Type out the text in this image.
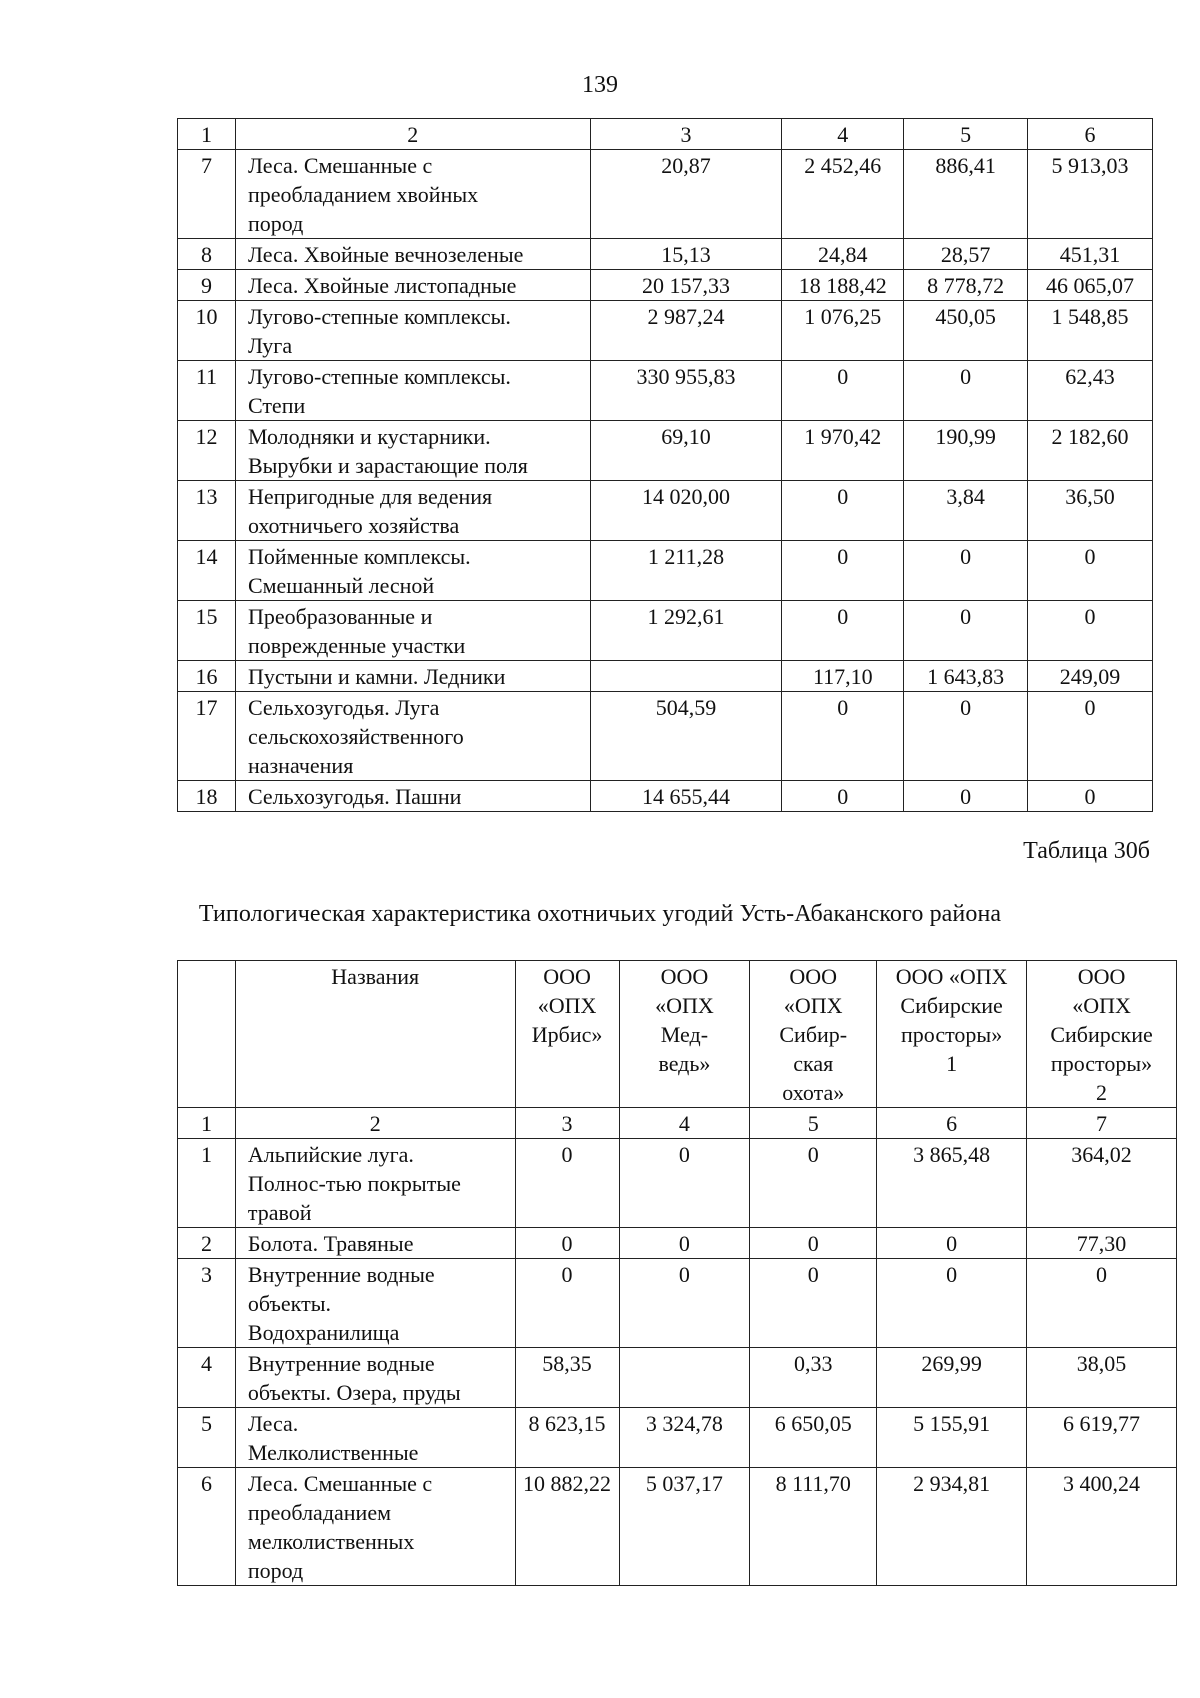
139
1	2	3	4	5	6
7	Леса. Смешанные с
преобладанием хвойных
пород	20,87	2 452,46	886,41	5 913,03
8	Леса. Хвойные вечнозеленые	15,13	24,84	28,57	451,31
9	Леса. Хвойные листопадные	20 157,33	18 188,42	8 778,72	46 065,07
10	Лугово-степные комплексы.
Луга	2 987,24	1 076,25	450,05	1 548,85
11	Лугово-степные комплексы.
Степи	330 955,83	0	0	62,43
12	Молодняки и кустарники.
Вырубки и зарастающие поля	69,10	1 970,42	190,99	2 182,60
13	Непригодные для ведения
охотничьего хозяйства	14 020,00	0	3,84	36,50
14	Пойменные комплексы.
Смешанный лесной	1 211,28	0	0	0
15	Преобразованные и
поврежденные участки	1 292,61	0	0	0
16	Пустыни и камни. Ледники		117,10	1 643,83	249,09
17	Сельхозугодья. Луга
сельскохозяйственного
назначения	504,59	0	0	0
18	Сельхозугодья. Пашни	14 655,44	0	0	0
Таблица 30б
Типологическая характеристика охотничьих угодий Усть-Абаканского района
	Названия	ООО
«ОПХ
Ирбис»	ООО
«ОПХ
Мед-
ведь»	ООО
«ОПХ
Сибир-
ская
охота»	ООО «ОПХ
Сибирские
просторы»
1	ООО
«ОПХ
Сибирские
просторы»
2
1	2	3	4	5	6	7
1	Альпийские луга.
Полнос-тью покрытые
травой	0	0	0	3 865,48	364,02
2	Болота. Травяные	0	0	0	0	77,30
3	Внутренние водные
объекты.
Водохранилища	0	0	0	0	0
4	Внутренние водные
объекты. Озера, пруды	58,35		0,33	269,99	38,05
5	Леса.
Мелколиственные	8 623,15	3 324,78	6 650,05	5 155,91	6 619,77
6	Леса. Смешанные с
преобладанием
мелколиственных
пород	10 882,22	5 037,17	8 111,70	2 934,81	3 400,24
